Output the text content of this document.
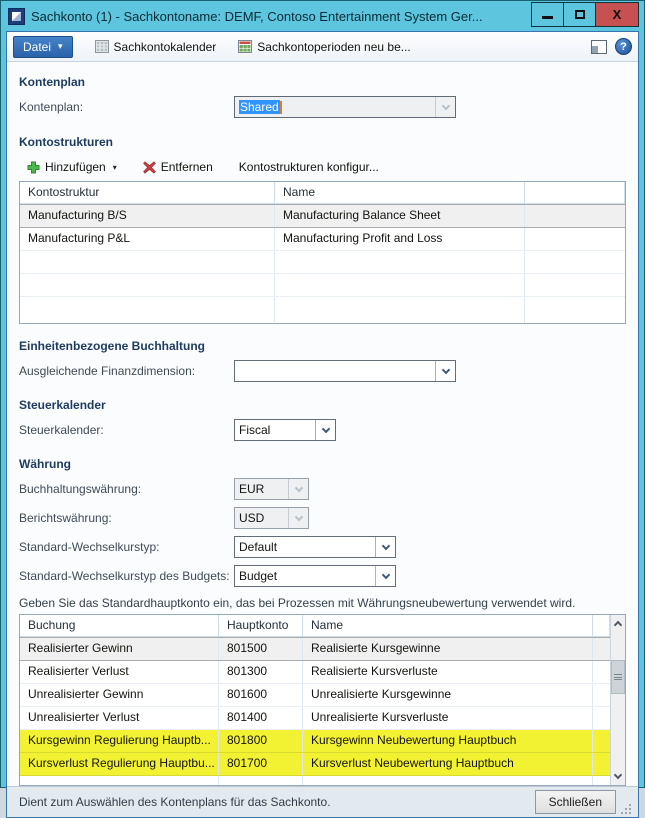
Sachkonto (1) - Sachkontoname: DEMF, Contoso Entertainment System Ger...	X
Datei ▾	Sachkontokalender	Sachkontoperioden neu be...	?
Kontenplan
Kontenplan:	Shared
Kontostrukturen
Hinzufügen ▾	Entfernen Kontostrukturen konfigur...
Kontostruktur	Name
Manufacturing B/S	Manufacturing Balance Sheet
Manufacturing P&L	Manufacturing Profit and Loss
Einheitenbezogene Buchhaltung
Ausgleichende Finanzdimension:
Steuerkalender
Steuerkalender:	Fiscal
Währung
Buchhaltungswährung:	EUR
Berichtswährung:	USD
Standard-Wechselkurstyp:	Default
Standard-Wechselkurstyp des Budgets: Budget
Geben Sie das Standardhauptkonto ein, das bei Prozessen mit Währungsneubewertung verwendet wird.
Buchung	Hauptkonto	Name
Realisierter Gewinn	801500	Realisierte Kursgewinne
Realisierter Verlust	801300	Realisierte Kursverluste
Unrealisierter Gewinn	801600	Unrealisierte Kursgewinne
Unrealisierter Verlust	801400	Unrealisierte Kursverluste
Kursgewinn Regulierung Hauptb...	801800	Kursgewinn Neubewertung Hauptbuch
Kursverlust Regulierung Hauptbu...	801700	Kursverlust Neubewertung Hauptbuch
Dient zum Auswählen des Kontenplans für das Sachkonto.	Schließen
